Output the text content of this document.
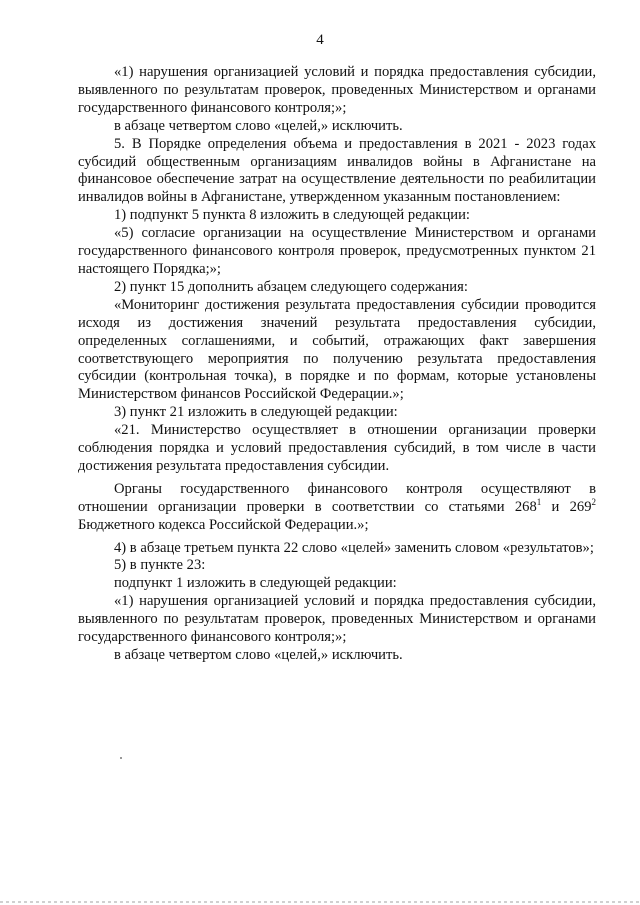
4

«1) нарушения организацией условий и порядка предоставления субсидии, выявленного по результатам проверок, проведенных Министерством и органами государственного финансового контроля;»;

в абзаце четвертом слово «целей,» исключить.

5. В Порядке определения объема и предоставления в 2021 - 2023 годах субсидий общественным организациям инвалидов войны в Афганистане на финансовое обеспечение затрат на осуществление деятельности по реабилитации инвалидов войны в Афганистане, утвержденном указанным постановлением:

1) подпункт 5 пункта 8 изложить в следующей редакции:

«5) согласие организации на осуществление Министерством и органами государственного финансового контроля проверок, предусмотренных пунктом 21 настоящего Порядка;»;

2) пункт 15 дополнить абзацем следующего содержания:

«Мониторинг достижения результата предоставления субсидии проводится исходя из достижения значений результата предоставления субсидии, определенных соглашениями, и событий, отражающих факт завершения соответствующего мероприятия по получению результата предоставления субсидии (контрольная точка), в порядке и по формам, которые установлены Министерством финансов Российской Федерации.»;

3) пункт 21 изложить в следующей редакции:

«21. Министерство осуществляет в отношении организации проверки соблюдения порядка и условий предоставления субсидий, в том числе в части достижения результата предоставления субсидии.

Органы государственного финансового контроля осуществляют в отношении организации проверки в соответствии со статьями $268^1$ и $269^2$ Бюджетного кодекса Российской Федерации.»;

4) в абзаце третьем пункта 22 слово «целей» заменить словом «результатов»;

5) в пункте 23:

подпункт 1 изложить в следующей редакции:

«1) нарушения организацией условий и порядка предоставления субсидии, выявленного по результатам проверок, проведенных Министерством и органами государственного финансового контроля;»;

в абзаце четвертом слово «целей,» исключить.
